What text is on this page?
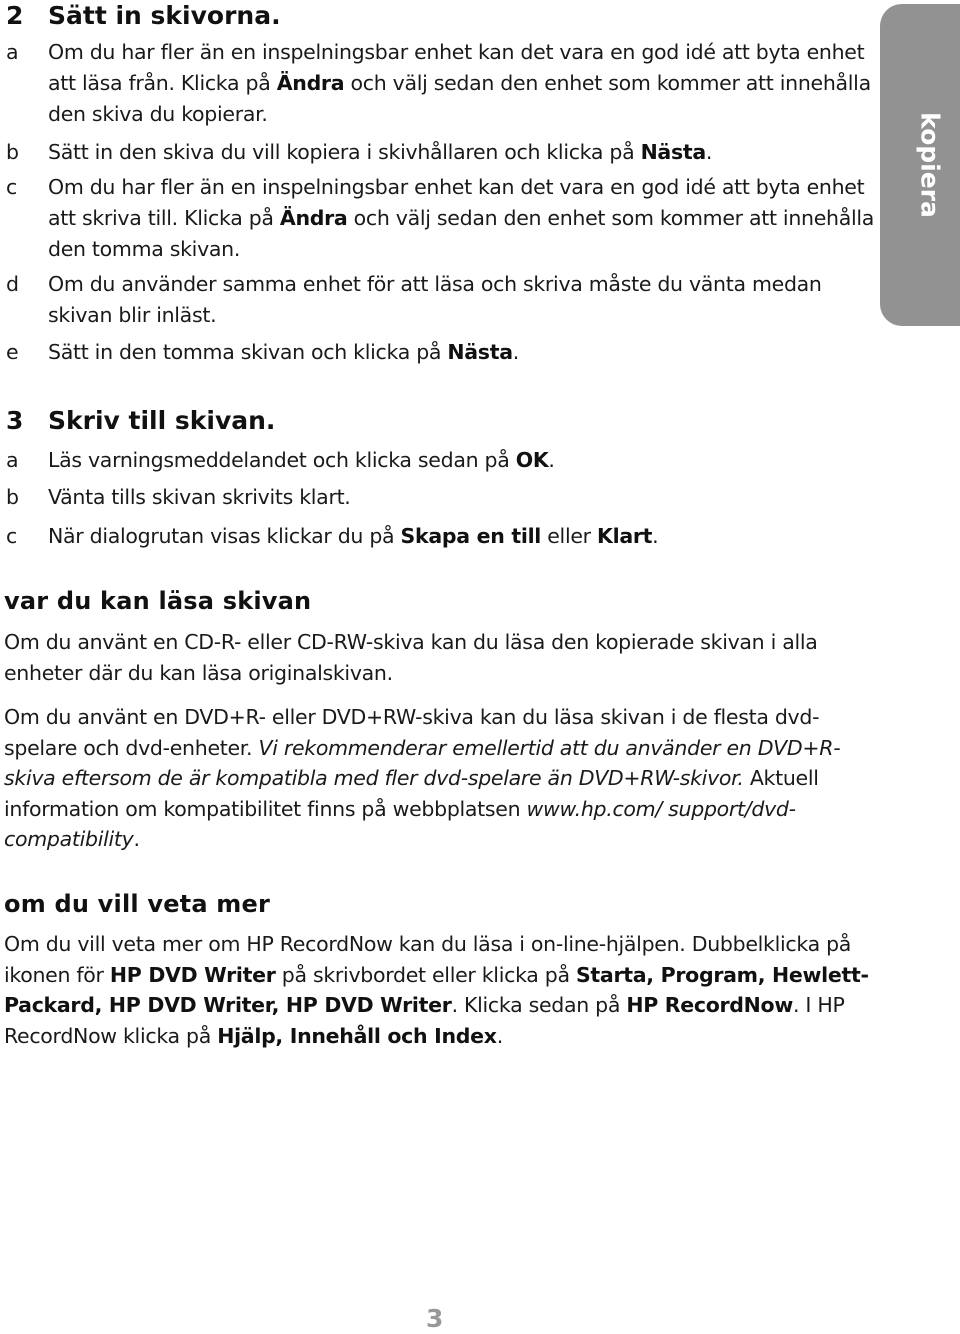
kopiera
2 Sätt in skivorna.
a Om du har fler än en inspelningsbar enhet kan det vara en god idé att byta enhet att läsa från. Klicka på Ändra och välj sedan den enhet som kommer att innehålla den skiva du kopierar.
b Sätt in den skiva du vill kopiera i skivhållaren och klicka på Nästa.
c Om du har fler än en inspelningsbar enhet kan det vara en god idé att byta enhet att skriva till. Klicka på Ändra och välj sedan den enhet som kommer att innehålla den tomma skivan.
d Om du använder samma enhet för att läsa och skriva måste du vänta medan skivan blir inläst.
e Sätt in den tomma skivan och klicka på Nästa.
3 Skriv till skivan.
a Läs varningsmeddelandet och klicka sedan på OK.
b Vänta tills skivan skrivits klart.
c När dialogrutan visas klickar du på Skapa en till eller Klart.
var du kan läsa skivan
Om du använt en CD-R- eller CD-RW-skiva kan du läsa den kopierade skivan i alla enheter där du kan läsa originalskivan.
Om du använt en DVD+R- eller DVD+RW-skiva kan du läsa skivan i de flesta dvd-spelare och dvd-enheter. Vi rekommenderar emellertid att du använder en DVD+R-skiva eftersom de är kompatibla med fler dvd-spelare än DVD+RW-skivor. Aktuell information om kompatibilitet finns på webbplatsen www.hp.com/ support/dvd-compatibility.
om du vill veta mer
Om du vill veta mer om HP RecordNow kan du läsa i on-line-hjälpen. Dubbelklicka på ikonen för HP DVD Writer på skrivbordet eller klicka på Starta, Program, Hewlett-Packard, HP DVD Writer, HP DVD Writer. Klicka sedan på HP RecordNow. I HP RecordNow klicka på Hjälp, Innehåll och Index.
3
